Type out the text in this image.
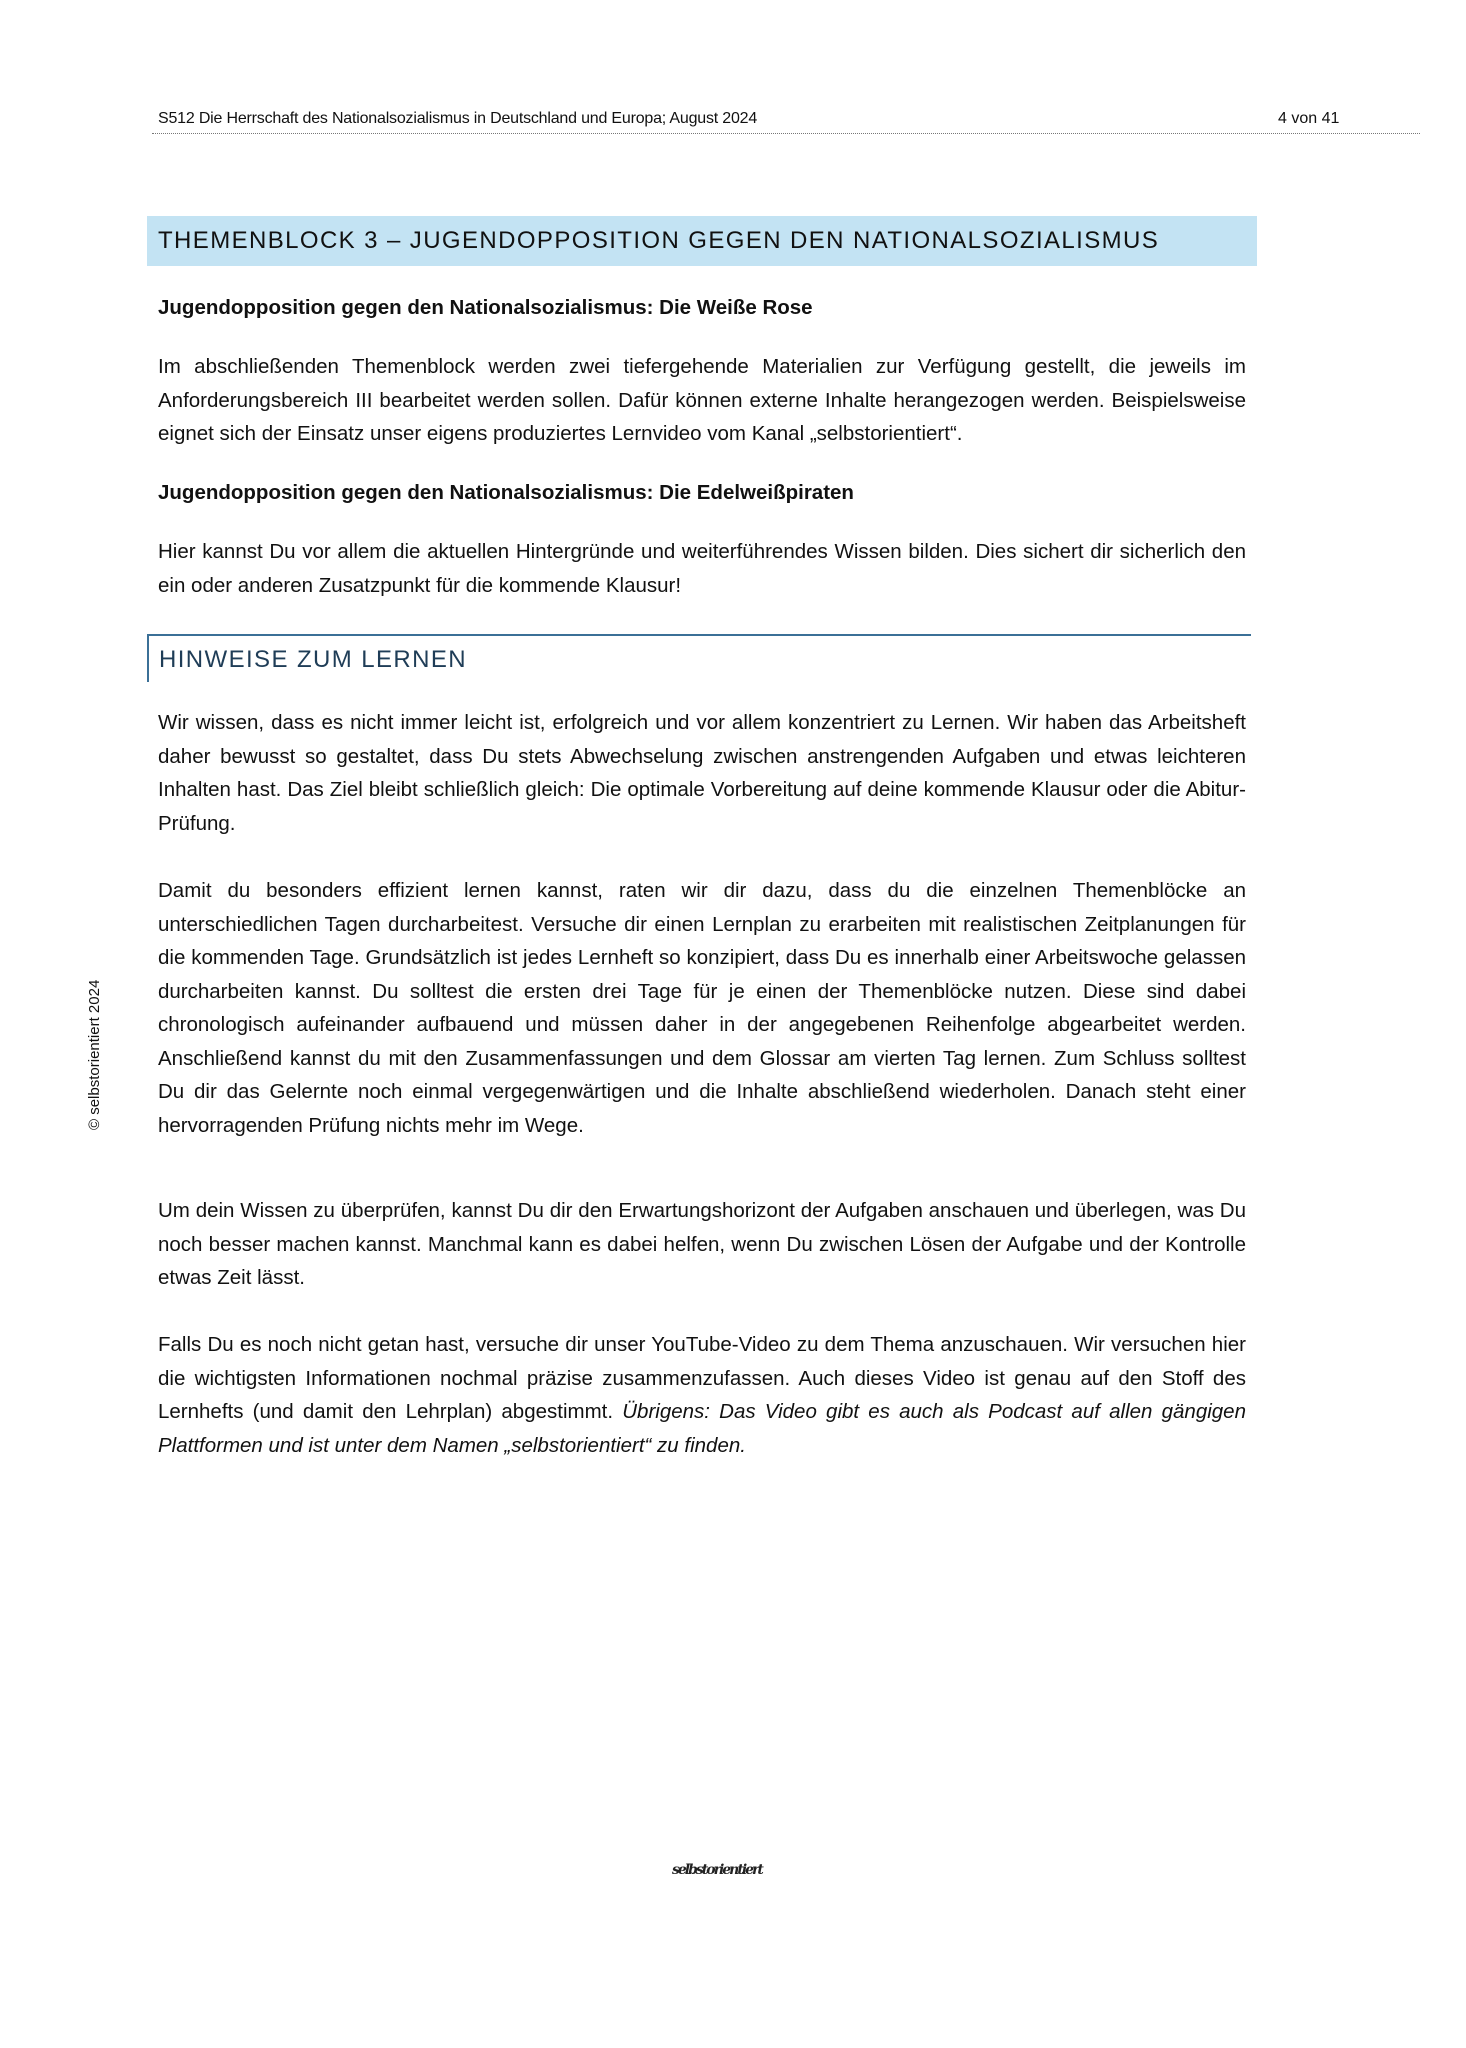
S512 Die Herrschaft des Nationalsozialismus in Deutschland und Europa; August 2024	4 von 41
© selbstorientiert 2024
THEMENBLOCK 3 – JUGENDOPPOSITION GEGEN DEN NATIONALSOZIALISMUS
Jugendopposition gegen den Nationalsozialismus: Die Weiße Rose

Im abschließenden Themenblock werden zwei tiefergehende Materialien zur Verfügung gestellt, die jeweils im Anforderungsbereich III bearbeitet werden sollen. Dafür können externe Inhalte herangezogen werden. Beispielsweise eignet sich der Einsatz unser eigens produziertes Lernvideo vom Kanal „selbstorientiert“.

Jugendopposition gegen den Nationalsozialismus: Die Edelweißpiraten

Hier kannst Du vor allem die aktuellen Hintergründe und weiterführendes Wissen bilden. Dies sichert dir sicherlich den ein oder anderen Zusatzpunkt für die kommende Klausur!

HINWEISE ZUM LERNEN

Wir wissen, dass es nicht immer leicht ist, erfolgreich und vor allem konzentriert zu Lernen. Wir haben das Arbeitsheft daher bewusst so gestaltet, dass Du stets Abwechselung zwischen anstrengenden Aufgaben und etwas leichteren Inhalten hast. Das Ziel bleibt schließlich gleich: Die optimale Vorbereitung auf deine kommende Klausur oder die Abitur-Prüfung.

Damit du besonders effizient lernen kannst, raten wir dir dazu, dass du die einzelnen Themenblöcke an unterschiedlichen Tagen durcharbeitest. Versuche dir einen Lernplan zu erarbeiten mit realistischen Zeitplanungen für die kommenden Tage. Grundsätzlich ist jedes Lernheft so konzipiert, dass Du es innerhalb einer Arbeitswoche gelassen durcharbeiten kannst. Du solltest die ersten drei Tage für je einen der Themenblöcke nutzen. Diese sind dabei chronologisch aufeinander aufbauend und müssen daher in der angegebenen Reihenfolge abgearbeitet werden. Anschließend kannst du mit den Zusammenfassungen und dem Glossar am vierten Tag lernen. Zum Schluss solltest Du dir das Gelernte noch einmal vergegenwärtigen und die Inhalte abschließend wiederholen. Danach steht einer hervorragenden Prüfung nichts mehr im Wege.

Um dein Wissen zu überprüfen, kannst Du dir den Erwartungshorizont der Aufgaben anschauen und überlegen, was Du noch besser machen kannst. Manchmal kann es dabei helfen, wenn Du zwischen Lösen der Aufgabe und der Kontrolle etwas Zeit lässt.

Falls Du es noch nicht getan hast, versuche dir unser YouTube-Video zu dem Thema anzuschauen. Wir versuchen hier die wichtigsten Informationen nochmal präzise zusammenzufassen. Auch dieses Video ist genau auf den Stoff des Lernhefts (und damit den Lehrplan) abgestimmt. Übrigens: Das Video gibt es auch als Podcast auf allen gängigen Plattformen und ist unter dem Namen „selbstorientiert“ zu finden.

selbstorientiert
